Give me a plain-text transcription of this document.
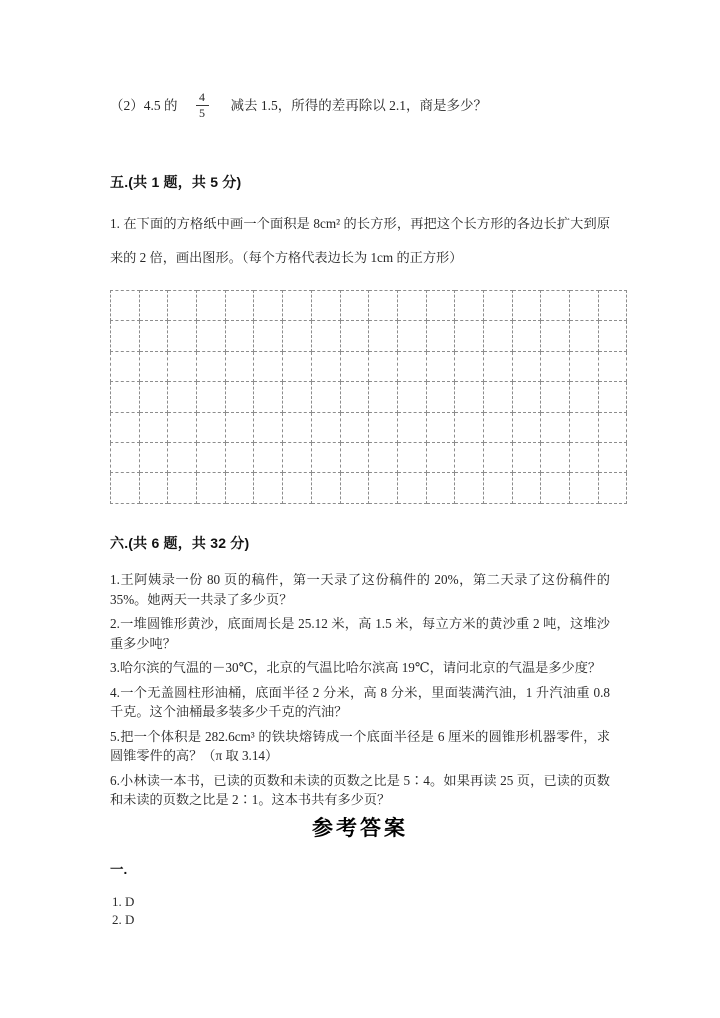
（2）4.5 的 $\frac{4}{5}$ 减去 1.5，所得的差再除以 2.1，商是多少？
五.(共 1 题，共 5 分)
1. 在下面的方格纸中画一个面积是 8cm² 的长方形，再把这个长方形的各边长扩大到原来的 2 倍，画出图形。（每个方格代表边长为 1cm 的正方形）

六.(共 6 题，共 32 分)

1.王阿姨录一份 80 页的稿件，第一天录了这份稿件的 20%，第二天录了这份稿件的 35%。她两天一共录了多少页？

2.一堆圆锥形黄沙，底面周长是 25.12 米，高 1.5 米，每立方米的黄沙重 2 吨，这堆沙重多少吨？

3.哈尔滨的气温的－30℃，北京的气温比哈尔滨高 19℃，请问北京的气温是多少度？

4.一个无盖圆柱形油桶，底面半径 2 分米，高 8 分米，里面装满汽油，1 升汽油重 0.8 千克。这个油桶最多装多少千克的汽油？

5.把一个体积是 282.6cm³ 的铁块熔铸成一个底面半径是 6 厘米的圆锥形机器零件，求圆锥零件的高？（π 取 3.14）

6.小林读一本书，已读的页数和未读的页数之比是 5∶4。如果再读 25 页，已读的页数和未读的页数之比是 2∶1。这本书共有多少页？

参考答案
一.
1. D
2. D
